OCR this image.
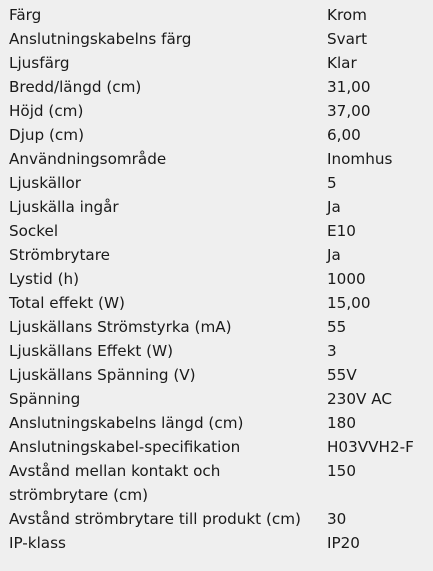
Färg	Krom
Anslutningskabelns färg	Svart
Ljusfärg	Klar
Bredd/längd (cm)	31,00
Höjd (cm)	37,00
Djup (cm)	6,00
Användningsområde	Inomhus
Ljuskällor	5
Ljuskälla ingår	Ja
Sockel	E10
Strömbrytare	Ja
Lystid (h)	1000
Total effekt (W)	15,00
Ljuskällans Strömstyrka (mA)	55
Ljuskällans Effekt (W)	3
Ljuskällans Spänning (V)	55V
Spänning	230V AC
Anslutningskabelns längd (cm)	180
Anslutningskabel-specifikation	H03VVH2-F
Avstånd mellan kontakt och strömbrytare (cm)	150
Avstånd strömbrytare till produkt (cm)	30
IP-klass	IP20
